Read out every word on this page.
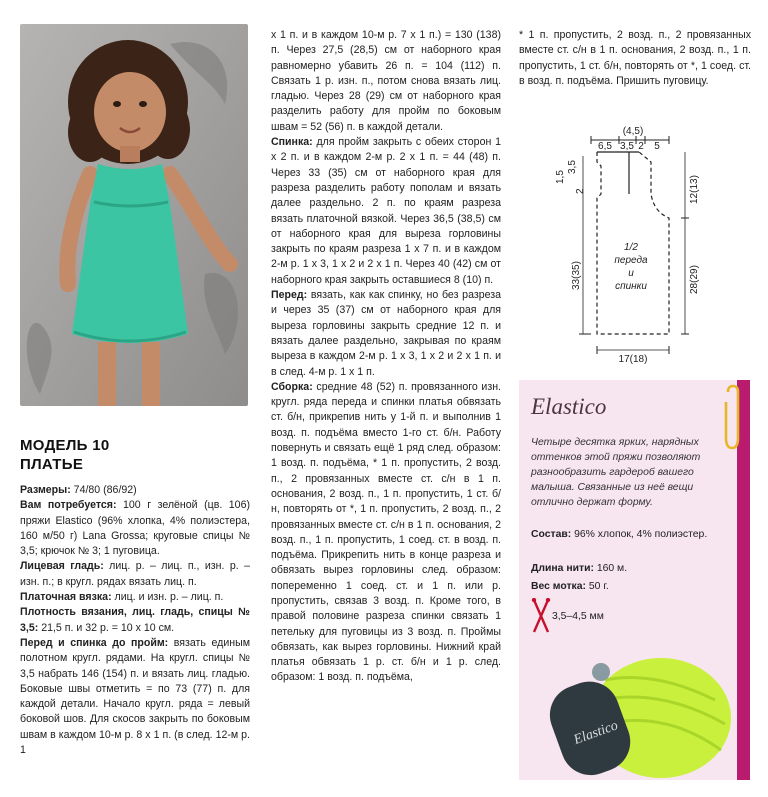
МОДЕЛЬ 10
ПЛАТЬЕ

Размеры: 74/80 (86/92)

Вам потребуется: 100 г зелёной (цв. 106) пряжи Elastico (96% хлопка, 4% полиэстера, 160 м/50 г) Lana Grossa; круговые спицы № 3,5; крючок № 3; 1 пуговица.

Лицевая гладь: лиц. р. – лиц. п., изн. р. – изн. п.; в кругл. рядах вязать лиц. п.

Платочная вязка: лиц. и изн. р. – лиц. п.

Плотность вязания, лиц. гладь, спицы № 3,5: 21,5 п. и 32 р. = 10 x 10 см.

Перед и спинка до пройм: вязать единым полотном кругл. рядами. На кругл. спицы № 3,5 набрать 146 (154) п. и вязать лиц. гладью. Боковые швы отметить = по 73 (77) п. для каждой детали. Начало кругл. ряда = левый боковой шов. Для скосов закрыть по боковым швам в каждом 10-м р. 8 x 1 п. (в след. 12-м р. 1

x 1 п. и в каждом 10-м р. 7 x 1 п.) = 130 (138) п. Через 27,5 (28,5) см от наборного края равномерно убавить 26 п. = 104 (112) п. Связать 1 р. изн. п., потом снова вязать лиц. гладью. Через 28 (29) см от наборного края разделить работу для пройм по боковым швам = 52 (56) п. в каждой детали.

Спинка: для пройм закрыть с обеих сторон 1 x 2 п. и в каждом 2-м р. 2 x 1 п. = 44 (48) п. Через 33 (35) см от наборного края для разреза разделить работу пополам и вязать далее раздельно. 2 п. по краям разреза вязать платочной вязкой. Через 36,5 (38,5) см от наборного края для выреза горловины закрыть по краям разреза 1 x 7 п. и в каждом 2-м р. 1 x 3, 1 x 2 и 2 x 1 п. Через 40 (42) см от наборного края закрыть оставшиеся 8 (10) п.

Перед: вязать, как как спинку, но без разреза и через 35 (37) см от наборного края для выреза горловины закрыть средние 12 п. и вязать далее раздельно, закрывая по краям выреза в каждом 2-м р. 1 x 3, 1 x 2 и 2 x 1 п. и в след. 4-м р. 1 x 1 п.

Сборка: средние 48 (52) п. провязанного изн. кругл. ряда переда и спинки платья обвязать ст. б/н, прикрепив нить у 1-й п. и выполнив 1 возд. п. подъёма вместо 1-го ст. б/н. Работу повернуть и связать ещё 1 ряд след. образом: 1 возд. п. подъёма, * 1 п. пропустить, 2 возд. п., 2 провязанных вместе ст. с/н в 1 п. основания, 2 возд. п., 1 п. пропустить, 1 ст. б/н, повторять от *, 1 п. пропустить, 2 возд. п., 2 провязанных вместе ст. с/н в 1 п. основания, 2 возд. п., 1 п. пропустить, 1 соед. ст. в возд. п. подъёма. Прикрепить нить в конце разреза и обвязать вырез горловины след. образом: попеременно 1 соед. ст. и 1 п. или р. пропустить, связав 3 возд. п. Кроме того, в правой половине разреза спинки связать 1 петельку для пуговицы из 3 возд. п. Проймы обвязать, как вырез горловины. Нижний край платья обвязать 1 р. ст. б/н и 1 р. след. образом: 1 возд. п. подъёма,

* 1 п. пропустить, 2 возд. п., 2 провязанных вместе ст. с/н в 1 п. основания, 2 возд. п., 1 п. пропустить, 1 ст. б/н, повторять от *, 1 соед. ст. в возд. п. подъёма. Пришить пуговицу.

(4,5)
6,5 3,5 2 5
1,5
3,5
2
33(35)
1/2
переда
и
спинки
12(13)
28(29)
17(18)
Elastico
Четыре десятка ярких, нарядных оттенков этой пряжи позволяют разнообразить гардероб вашего малыша. Связанные из неё вещи отлично держат форму.
Состав: 96% хлопок, 4% полиэстер.
Длина нити: 160 м.
Вес мотка: 50 г.
3,5–4,5 мм
Elastico
